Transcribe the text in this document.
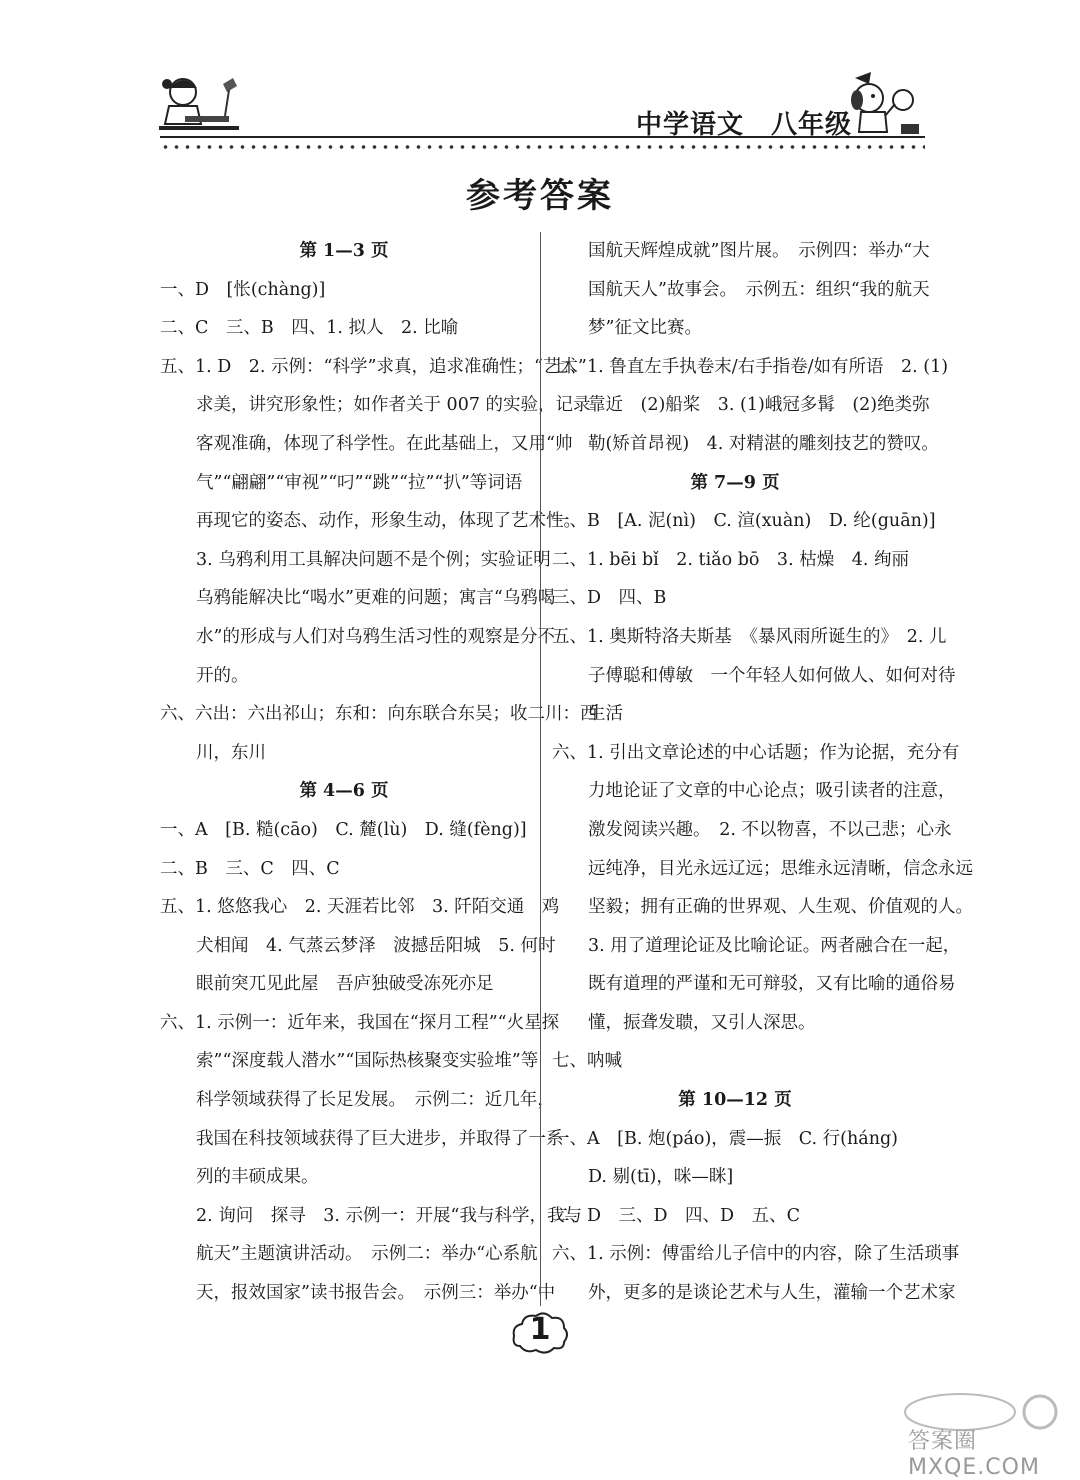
中学语文　八年级
参考答案
第 1—3 页
一、D　[怅(chàng)]
二、C　三、B　四、1. 拟人　2. 比喻
五、1. D　2. 示例：“科学”求真，追求准确性；“艺术”
求美，讲究形象性；如作者关于 007 的实验，记录
客观准确，体现了科学性。在此基础上，又用“帅
气”“翩翩”“审视”“叼”“跳”“拉”“扒”等词语
再现它的姿态、动作，形象生动，体现了艺术性。
3. 乌鸦利用工具解决问题不是个例；实验证明
乌鸦能解决比“喝水”更难的问题；寓言“乌鸦喝
水”的形成与人们对乌鸦生活习性的观察是分不
开的。
六、六出：六出祁山；东和：向东联合东吴；收二川：西
川，东川
第 4—6 页
一、A　[B. 糙(cāo)　C. 麓(lù)　D. 缝(fèng)]
二、B　三、C　四、C
五、1. 悠悠我心　2. 天涯若比邻　3. 阡陌交通　鸡
犬相闻　4. 气蒸云梦泽　波撼岳阳城　5. 何时
眼前突兀见此屋　吾庐独破受冻死亦足
六、1. 示例一：近年来，我国在“探月工程”“火星探
索”“深度载人潜水”“国际热核聚变实验堆”等
科学领域获得了长足发展。　示例二：近几年，
我国在科技领域获得了巨大进步，并取得了一系
列的丰硕成果。
2. 询问　探寻　3. 示例一：开展“我与科学，我与
航天”主题演讲活动。　示例二：举办“心系航
天，报效国家”读书报告会。　示例三：举办“中
国航天辉煌成就”图片展。　示例四：举办“大
国航天人”故事会。　示例五：组织“我的航天
梦”征文比赛。
七、1. 鲁直左手执卷末/右手指卷/如有所语　2. (1)
靠近　(2)船桨　3. (1)峨冠多髯　(2)绝类弥
勒(矫首昂视)　4. 对精湛的雕刻技艺的赞叹。
第 7—9 页
一、B　[A. 泥(nì)　C. 渲(xuàn)　D. 纶(guān)]
二、1. bēi bǐ　2. tiǎo bō　3. 枯燥　4. 绚丽
三、D　四、B
五、1. 奥斯特洛夫斯基　《暴风雨所诞生的》　2. 儿
子傅聪和傅敏　一个年轻人如何做人、如何对待
生活
六、1. 引出文章论述的中心话题；作为论据，充分有
力地论证了文章的中心论点；吸引读者的注意，
激发阅读兴趣。　2. 不以物喜，不以己悲；心永
远纯净，目光永远辽远；思维永远清晰，信念永远
坚毅；拥有正确的世界观、人生观、价值观的人。
3. 用了道理论证及比喻论证。两者融合在一起，
既有道理的严谨和无可辩驳，又有比喻的通俗易
懂，振聋发聩，又引人深思。
七、呐喊
第 10—12 页
一、A　[B. 炮(páo)，震—振　C. 行(háng)
D. 剔(tī)，咪—眯]
二、D　三、D　四、D　五、C
六、1. 示例：傅雷给儿子信中的内容，除了生活琐事
外，更多的是谈论艺术与人生，灌输一个艺术家
1
答案圈 MXQE.COM
